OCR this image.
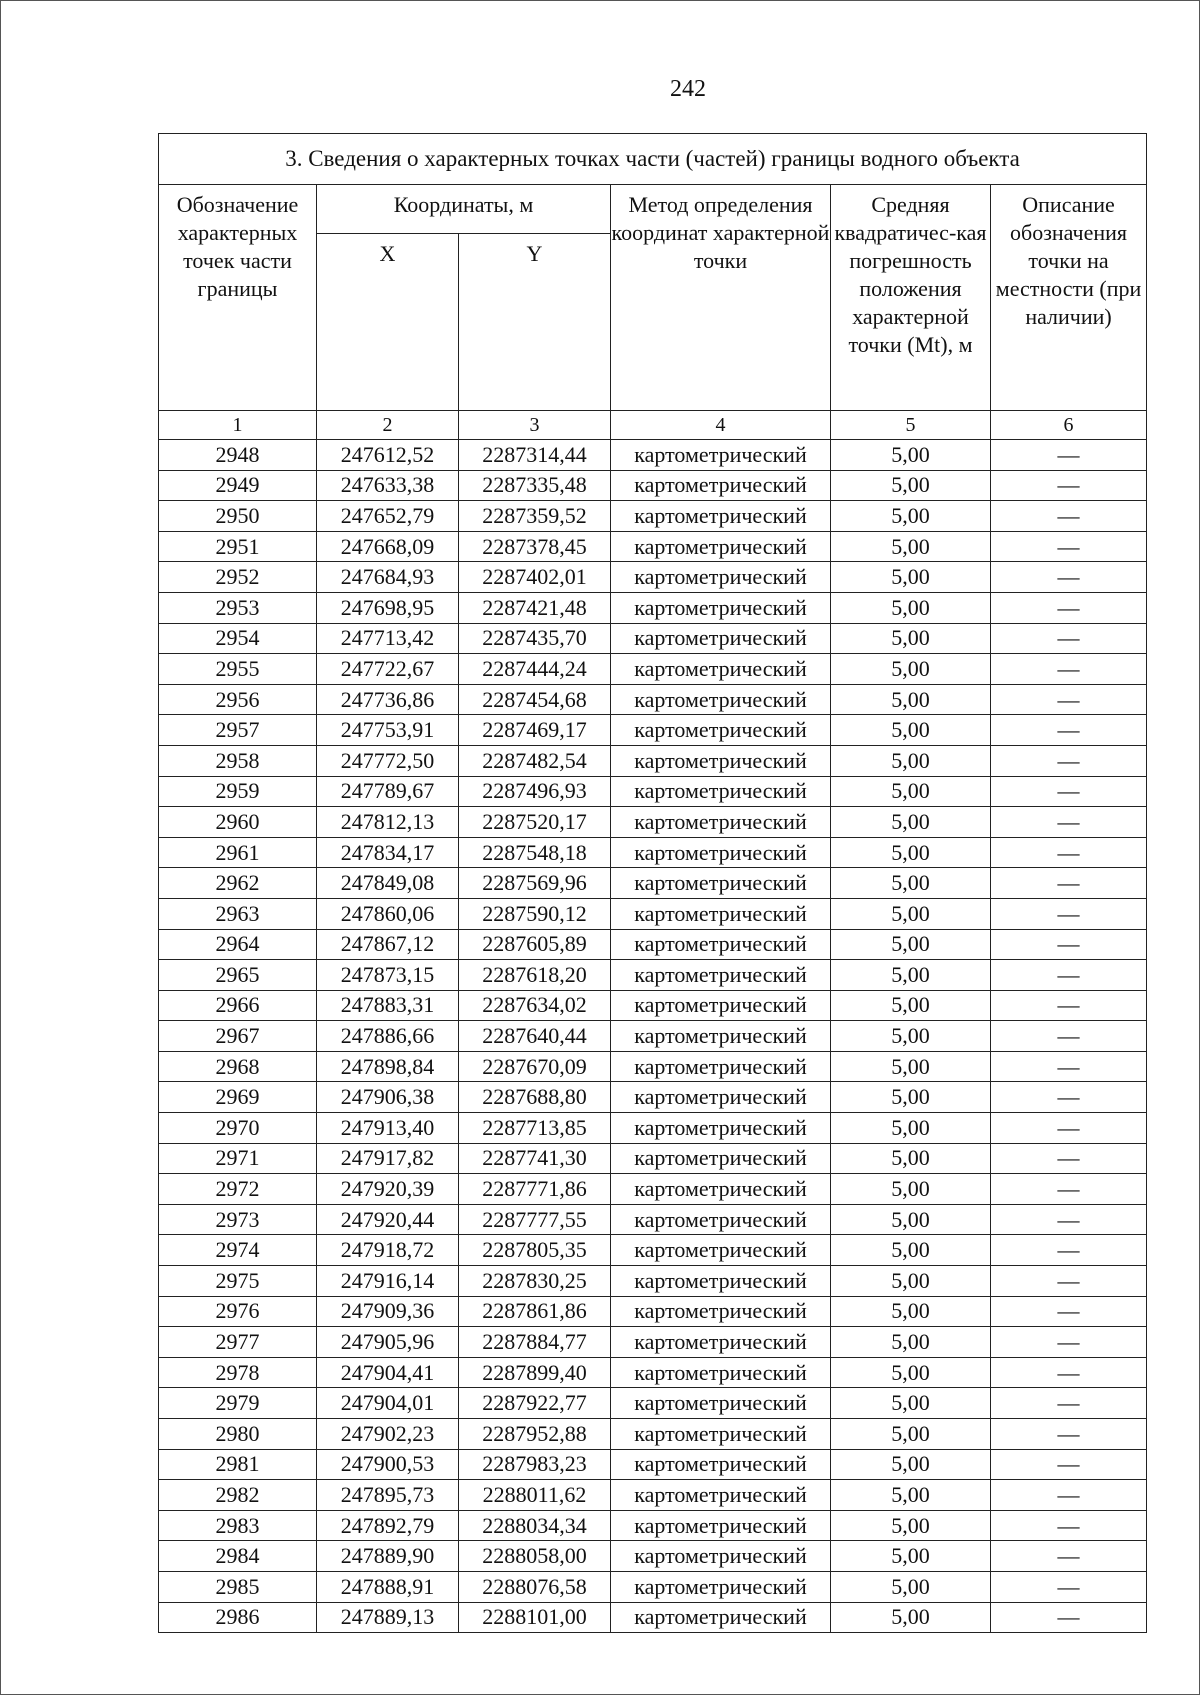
242
3. Сведения о характерных точках части (частей) границы водного объекта					
Обозначение характерных точек части границы	Координаты, м		Метод определения координат характерной точки	Средняя квадратичес-кая погрешность положения характерной точки (Mt), м	Описание обозначения точки на местности (при наличии)
	X	Y			
1	2	3	4	5	6
2948	247612,52	2287314,44	картометрический	5,00	—
2949	247633,38	2287335,48	картометрический	5,00	—
2950	247652,79	2287359,52	картометрический	5,00	—
2951	247668,09	2287378,45	картометрический	5,00	—
2952	247684,93	2287402,01	картометрический	5,00	—
2953	247698,95	2287421,48	картометрический	5,00	—
2954	247713,42	2287435,70	картометрический	5,00	—
2955	247722,67	2287444,24	картометрический	5,00	—
2956	247736,86	2287454,68	картометрический	5,00	—
2957	247753,91	2287469,17	картометрический	5,00	—
2958	247772,50	2287482,54	картометрический	5,00	—
2959	247789,67	2287496,93	картометрический	5,00	—
2960	247812,13	2287520,17	картометрический	5,00	—
2961	247834,17	2287548,18	картометрический	5,00	—
2962	247849,08	2287569,96	картометрический	5,00	—
2963	247860,06	2287590,12	картометрический	5,00	—
2964	247867,12	2287605,89	картометрический	5,00	—
2965	247873,15	2287618,20	картометрический	5,00	—
2966	247883,31	2287634,02	картометрический	5,00	—
2967	247886,66	2287640,44	картометрический	5,00	—
2968	247898,84	2287670,09	картометрический	5,00	—
2969	247906,38	2287688,80	картометрический	5,00	—
2970	247913,40	2287713,85	картометрический	5,00	—
2971	247917,82	2287741,30	картометрический	5,00	—
2972	247920,39	2287771,86	картометрический	5,00	—
2973	247920,44	2287777,55	картометрический	5,00	—
2974	247918,72	2287805,35	картометрический	5,00	—
2975	247916,14	2287830,25	картометрический	5,00	—
2976	247909,36	2287861,86	картометрический	5,00	—
2977	247905,96	2287884,77	картометрический	5,00	—
2978	247904,41	2287899,40	картометрический	5,00	—
2979	247904,01	2287922,77	картометрический	5,00	—
2980	247902,23	2287952,88	картометрический	5,00	—
2981	247900,53	2287983,23	картометрический	5,00	—
2982	247895,73	2288011,62	картометрический	5,00	—
2983	247892,79	2288034,34	картометрический	5,00	—
2984	247889,90	2288058,00	картометрический	5,00	—
2985	247888,91	2288076,58	картометрический	5,00	—
2986	247889,13	2288101,00	картометрический	5,00	—
